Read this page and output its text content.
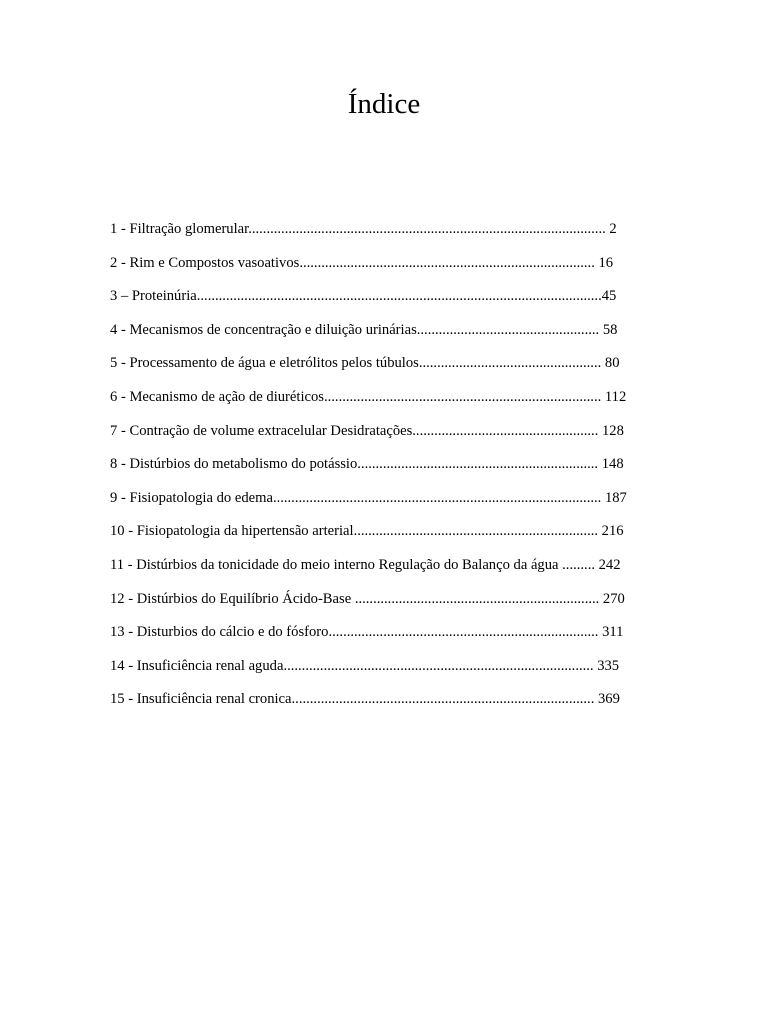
Índice
1 - Filtração glomerular.................................................................................................. 2
2 - Rim e Compostos vasoativos................................................................................. 16
3 – Proteinúria...............................................................................................................45
4 - Mecanismos de concentração e diluição urinárias.................................................. 58
5 - Processamento de água e eletrólitos pelos túbulos.................................................. 80
6 - Mecanismo de ação de diuréticos............................................................................ 112
7 - Contração de volume extracelular Desidratações................................................... 128
8 - Distúrbios do metabolismo do potássio.................................................................. 148
9 - Fisiopatologia do edema.......................................................................................... 187
10 - Fisiopatologia da hipertensão arterial................................................................... 216
11 - Distúrbios da tonicidade do meio interno Regulação do Balanço da água ......... 242
12 - Distúrbios do Equilíbrio Ácido-Base ................................................................... 270
13 - Disturbios do cálcio e do fósforo.......................................................................... 311
14 - Insuficiência renal aguda..................................................................................... 335
15 - Insuficiência renal cronica................................................................................... 369
